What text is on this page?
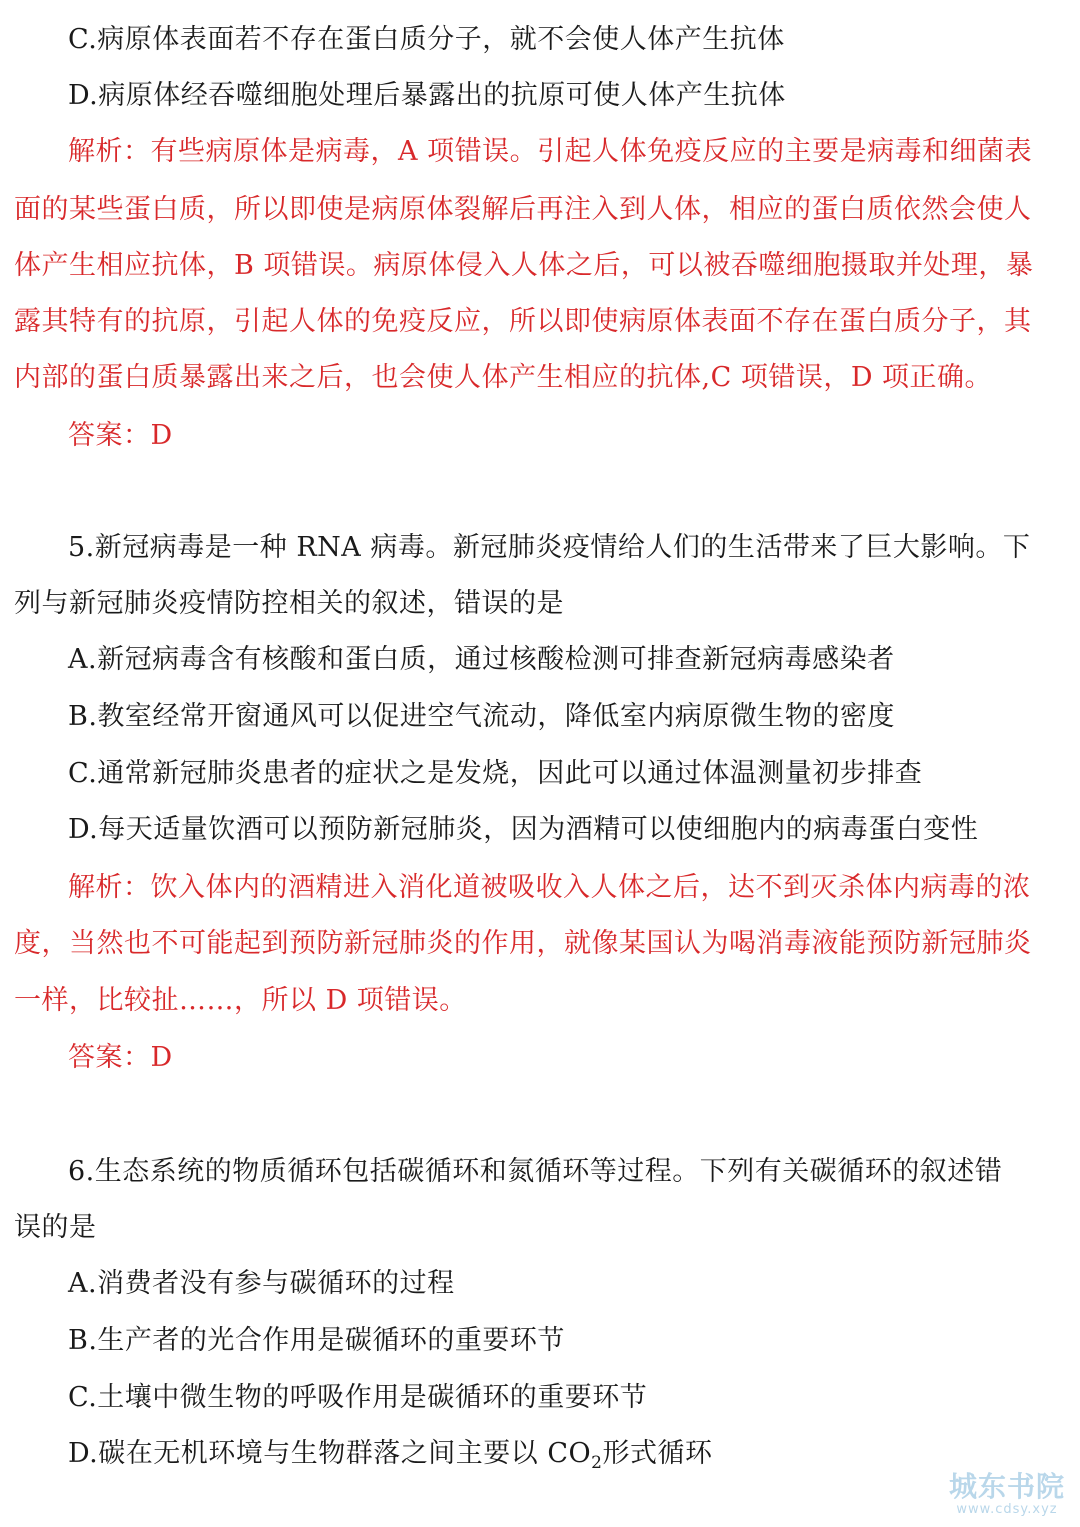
C.病原体表面若不存在蛋白质分子，就不会使人体产生抗体
D.病原体经吞噬细胞处理后暴露出的抗原可使人体产生抗体
解析：有些病原体是病毒，A 项错误。引起人体免疫反应的主要是病毒和细菌表
面的某些蛋白质，所以即使是病原体裂解后再注入到人体，相应的蛋白质依然会使人
体产生相应抗体，B 项错误。病原体侵入人体之后，可以被吞噬细胞摄取并处理，暴
露其特有的抗原，引起人体的免疫反应，所以即使病原体表面不存在蛋白质分子，其
内部的蛋白质暴露出来之后，也会使人体产生相应的抗体,C 项错误，D 项正确。
答案：D
5.新冠病毒是一种 RNA 病毒。新冠肺炎疫情给人们的生活带来了巨大影响。下
列与新冠肺炎疫情防控相关的叙述，错误的是
A.新冠病毒含有核酸和蛋白质，通过核酸检测可排查新冠病毒感染者
B.教室经常开窗通风可以促进空气流动，降低室内病原微生物的密度
C.通常新冠肺炎患者的症状之是发烧，因此可以通过体温测量初步排查
D.每天适量饮酒可以预防新冠肺炎，因为酒精可以使细胞内的病毒蛋白变性
解析：饮入体内的酒精进入消化道被吸收入人体之后，达不到灭杀体内病毒的浓
度，当然也不可能起到预防新冠肺炎的作用，就像某国认为喝消毒液能预防新冠肺炎
一样，比较扯……，所以 D 项错误。
答案：D
6.生态系统的物质循环包括碳循环和氮循环等过程。下列有关碳循环的叙述错
误的是
A.消费者没有参与碳循环的过程
B.生产者的光合作用是碳循环的重要环节
C.土壤中微生物的呼吸作用是碳循环的重要环节
D.碳在无机环境与生物群落之间主要以 $CO_2$形式循环
城东书院
www.cdsy.xyz
